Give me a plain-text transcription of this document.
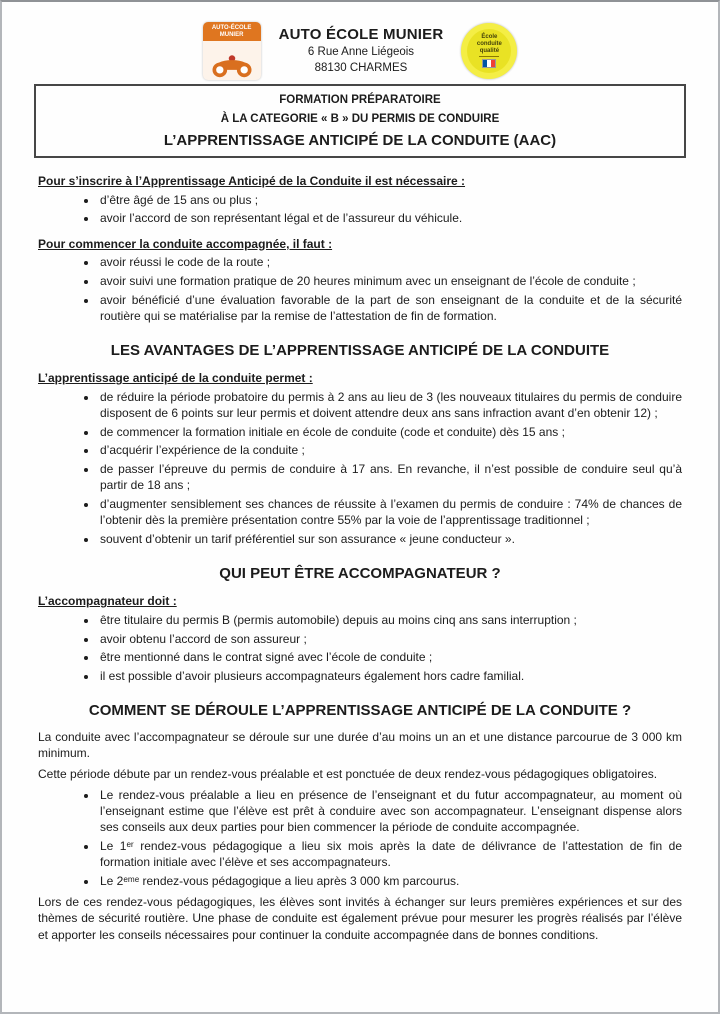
AUTO-ÉCOLE
MUNIER	AUTO ÉCOLE MUNIER
6 Rue Anne Liégeois
88130 CHARMES
École
conduite
qualité
FORMATION PRÉPARATOIRE
À LA CATEGORIE « B » DU PERMIS DE CONDUIRE
L’APPRENTISSAGE ANTICIPÉ DE LA CONDUITE (AAC)
Pour s’inscrire à l’Apprentissage Anticipé de la Conduite il est nécessaire :
• d’être âgé de 15 ans ou plus ;
• avoir l’accord de son représentant légal et de l’assureur du véhicule.
Pour commencer la conduite accompagnée, il faut :
• avoir réussi le code de la route ;
• avoir suivi une formation pratique de 20 heures minimum avec un enseignant de l’école de conduite ;
• avoir bénéficié d’une évaluation favorable de la part de son enseignant de la conduite et de la sécurité routière qui se matérialise par la remise de l’attestation de fin de formation.
LES AVANTAGES DE L’APPRENTISSAGE ANTICIPÉ DE LA CONDUITE
L’apprentissage anticipé de la conduite permet :
• de réduire la période probatoire du permis à 2 ans au lieu de 3 (les nouveaux titulaires du permis de conduire disposent de 6 points sur leur permis et doivent attendre deux ans sans infraction avant d’en obtenir 12) ;
• de commencer la formation initiale en école de conduite (code et conduite) dès 15 ans ;
• d’acquérir l’expérience de la conduite ;
• de passer l’épreuve du permis de conduire à 17 ans. En revanche, il n’est possible de conduire seul qu’à partir de 18 ans ;
• d’augmenter sensiblement ses chances de réussite à l’examen du permis de conduire : 74% de chances de l’obtenir dès la première présentation contre 55% par la voie de l’apprentissage traditionnel ;
• souvent d’obtenir un tarif préférentiel sur son assurance « jeune conducteur ».
QUI PEUT ÊTRE ACCOMPAGNATEUR ?
L’accompagnateur doit :
• être titulaire du permis B (permis automobile) depuis au moins cinq ans sans interruption ;
• avoir obtenu l’accord de son assureur ;
• être mentionné dans le contrat signé avec l’école de conduite ;
• il est possible d’avoir plusieurs accompagnateurs également hors cadre familial.
COMMENT SE DÉROULE L’APPRENTISSAGE ANTICIPÉ DE LA CONDUITE ?
La conduite avec l’accompagnateur se déroule sur une durée d’au moins un an et une distance parcourue de 3 000 km minimum.
Cette période débute par un rendez-vous préalable et est ponctuée de deux rendez-vous pédagogiques obligatoires.
• Le rendez-vous préalable a lieu en présence de l’enseignant et du futur accompagnateur, au moment où l’enseignant estime que l’élève est prêt à conduire avec son accompagnateur. L’enseignant dispense alors ses conseils aux deux parties pour bien commencer la période de conduite accompagnée.
• Le 1ᵉʳ rendez-vous pédagogique a lieu six mois après la date de délivrance de l’attestation de fin de formation initiale avec l’élève et ses accompagnateurs.
• Le 2ᵉᵐᵉ rendez-vous pédagogique a lieu après 3 000 km parcourus.
Lors de ces rendez-vous pédagogiques, les élèves sont invités à échanger sur leurs premières expériences et sur des thèmes de sécurité routière. Une phase de conduite est également prévue pour mesurer les progrès réalisés par l’élève et apporter les conseils nécessaires pour continuer la conduite accompagnée dans de bonnes conditions.
